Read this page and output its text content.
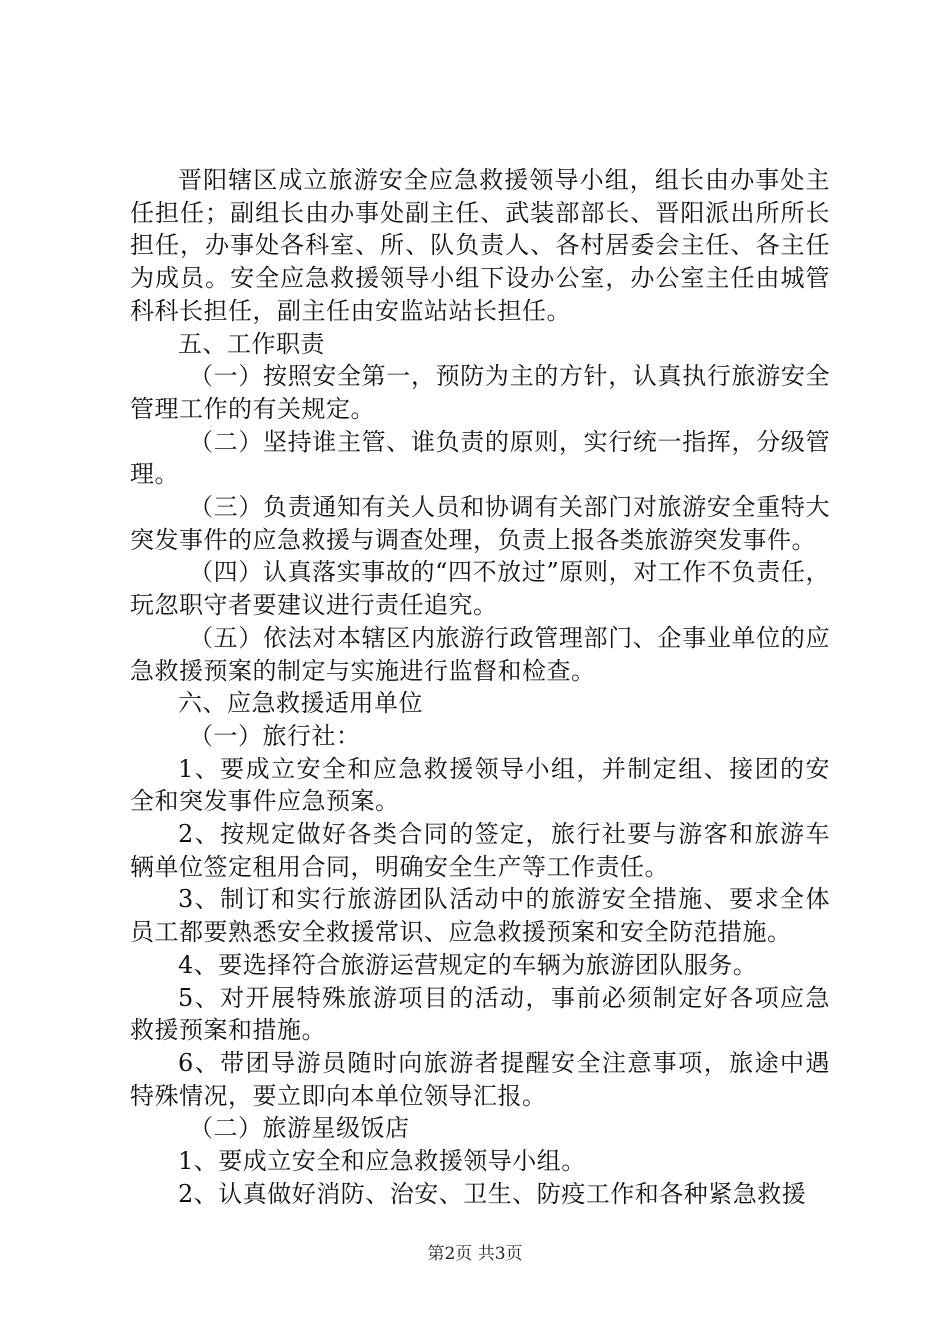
晋阳辖区成立旅游安全应急救援领导小组，组长由办事处主任担任；副组长由办事处副主任、武装部部长、晋阳派出所所长担任，办事处各科室、所、队负责人、各村居委会主任、各主任为成员。安全应急救援领导小组下设办公室，办公室主任由城管科科长担任，副主任由安监站站长担任。

五、工作职责

（一）按照安全第一，预防为主的方针，认真执行旅游安全管理工作的有关规定。

（二）坚持谁主管、谁负责的原则，实行统一指挥，分级管理。

（三）负责通知有关人员和协调有关部门对旅游安全重特大突发事件的应急救援与调查处理，负责上报各类旅游突发事件。

（四）认真落实事故的“四不放过”原则，对工作不负责任，玩忽职守者要建议进行责任追究。

（五）依法对本辖区内旅游行政管理部门、企事业单位的应急救援预案的制定与实施进行监督和检查。

六、应急救援适用单位

（一）旅行社：

1、要成立安全和应急救援领导小组，并制定组、接团的安全和突发事件应急预案。

2、按规定做好各类合同的签定，旅行社要与游客和旅游车辆单位签定租用合同，明确安全生产等工作责任。

3、制订和实行旅游团队活动中的旅游安全措施、要求全体员工都要熟悉安全救援常识、应急救援预案和安全防范措施。

4、要选择符合旅游运营规定的车辆为旅游团队服务。

5、对开展特殊旅游项目的活动，事前必须制定好各项应急救援预案和措施。

6、带团导游员随时向旅游者提醒安全注意事项，旅途中遇特殊情况，要立即向本单位领导汇报。

（二）旅游星级饭店

1、要成立安全和应急救援领导小组。

2、认真做好消防、治安、卫生、防疫工作和各种紧急救援

第2页 共3页
